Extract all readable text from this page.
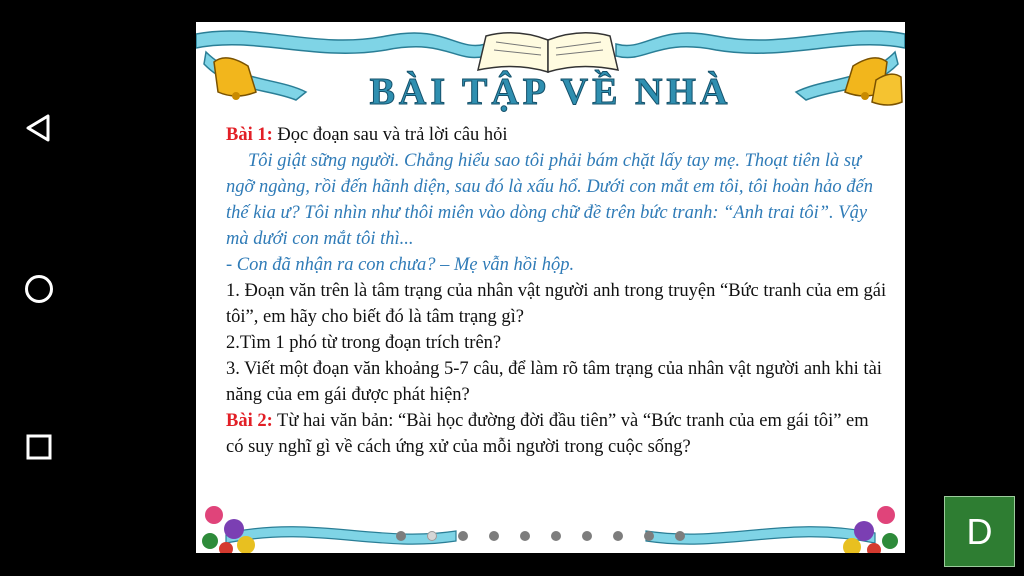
BÀI TẬP VỀ NHÀ

Bài 1: Đọc đoạn sau và trả lời câu hỏi

Tôi giật sững người. Chẳng hiểu sao tôi phải bám chặt lấy tay mẹ. Thoạt tiên là sự ngỡ ngàng, rồi đến hãnh diện, sau đó là xấu hổ. Dưới con mắt em tôi, tôi hoàn hảo đến thế kia ư? Tôi nhìn như thôi miên vào dòng chữ đề trên bức tranh: “Anh trai tôi”. Vậy mà dưới con mắt tôi thì...

- Con đã nhận ra con chưa? – Mẹ vẫn hồi hộp.

1. Đoạn văn trên là tâm trạng của nhân vật người anh trong truyện “Bức tranh của em gái tôi”, em hãy cho biết đó là tâm trạng gì?

2.Tìm 1 phó từ trong đoạn trích trên?

3. Viết một đoạn văn khoảng 5-7 câu, để làm rõ tâm trạng của nhân vật người anh khi tài năng của em gái được phát hiện?

Bài 2: Từ hai văn bản: “Bài học đường đời đầu tiên” và “Bức tranh của em gái tôi” em có suy nghĩ gì về cách ứng xử của mỗi người trong cuộc sống?

D
